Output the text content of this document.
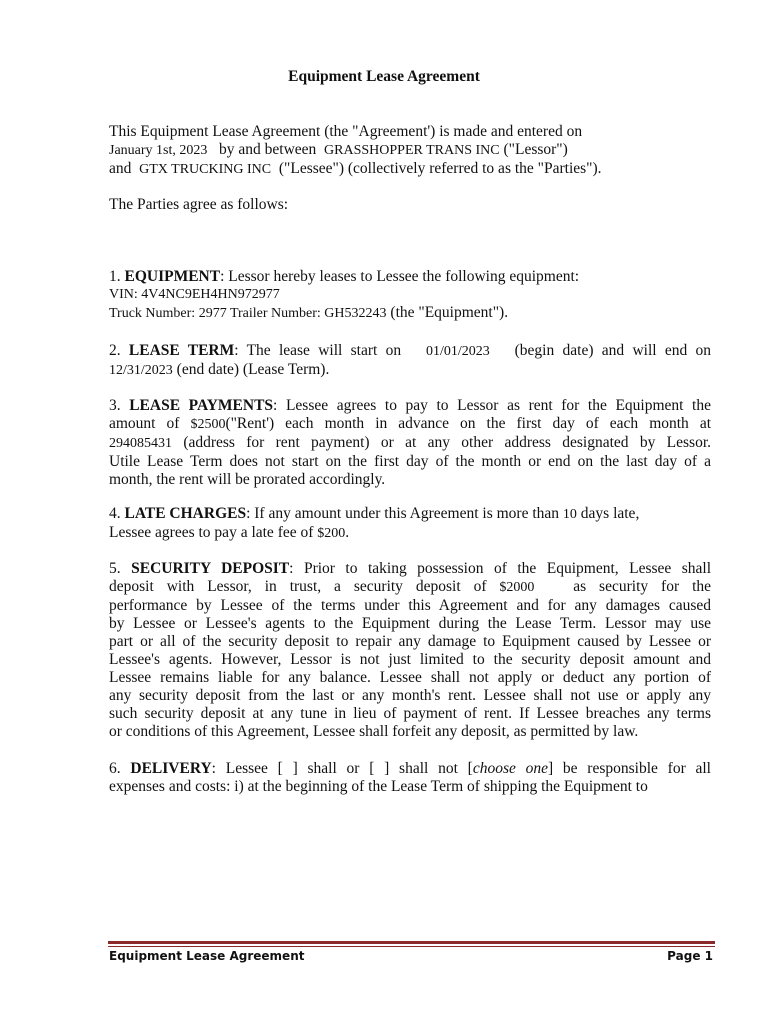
Equipment Lease Agreement
This Equipment Lease Agreement (the "Agreement') is made and entered on
January 1st, 2023 by and between GRASSHOPPER TRANS INC ("Lessor")
and GTX TRUCKING INC ("Lessee") (collectively referred to as the "Parties").
The Parties agree as follows:
1. EQUIPMENT: Lessor hereby leases to Lessee the following equipment:
VIN: 4V4NC9EH4HN972977
Truck Number: 2977 Trailer Number: GH532243 (the "Equipment").
2. LEASE TERM: The lease will start on 01/01/2023 (begin date) and will end on
12/31/2023 (end date) (Lease Term).
3. LEASE PAYMENTS: Lessee agrees to pay to Lessor as rent for the Equipment the
amount of $2500("Rent') each month in advance on the first day of each month at
294085431 (address for rent payment) or at any other address designated by Lessor.
Utile Lease Term does not start on the first day of the month or end on the last day of a
month, the rent will be prorated accordingly.
4. LATE CHARGES: If any amount under this Agreement is more than 10 days late,
Lessee agrees to pay a late fee of $200.
5. SECURITY DEPOSIT: Prior to taking possession of the Equipment, Lessee shall
deposit with Lessor, in trust, a security deposit of $2000	as security for the
performance by Lessee of the terms under this Agreement and for any damages caused
by Lessee or Lessee's agents to the Equipment during the Lease Term. Lessor may use
part or all of the security deposit to repair any damage to Equipment caused by Lessee or
Lessee's agents. However, Lessor is not just limited to the security deposit amount and
Lessee remains liable for any balance. Lessee shall not apply or deduct any portion of
any security deposit from the last or any month's rent. Lessee shall not use or apply any
such security deposit at any tune in lieu of payment of rent. If Lessee breaches any terms
or conditions of this Agreement, Lessee shall forfeit any deposit, as permitted by law.
6. DELIVERY: Lessee [ ] shall or [ ] shall not [choose one] be responsible for all
expenses and costs: i) at the beginning of the Lease Term of shipping the Equipment to
Equipment Lease Agreement	Page 1
